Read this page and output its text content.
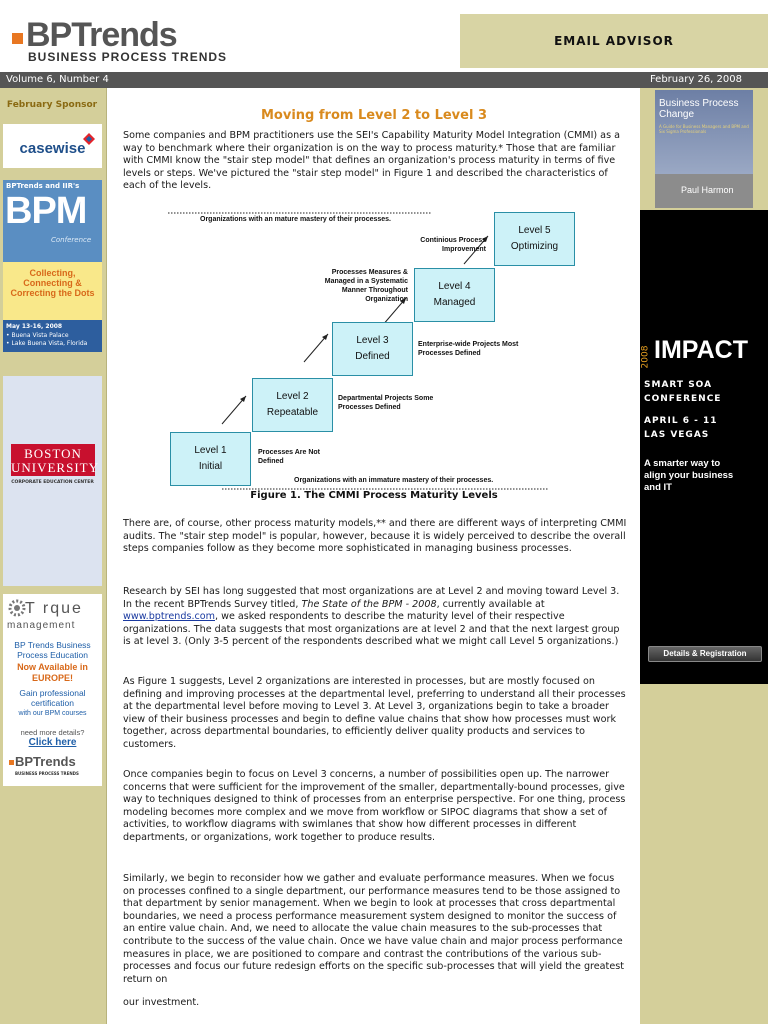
BPTrends
BUSINESS PROCESS TRENDS
EMAIL ADVISOR
Volume 6, Number 4	February 26, 2008
February Sponsor
casewise
BPTrends and IIR's
BPM
Conference
Collecting, Connecting & Correcting the Dots
May 13-16, 2008
• Buena Vista Palace
• Lake Buena Vista, Florida
BOSTON
UNIVERSITY
CORPORATE EDUCATION CENTER
T rque
management
BP Trends Business Process Education
Now Available in EUROPE!
Gain professional certification
with our BPM courses
need more details?
Click here
BPTrends
BUSINESS PROCESS TRENDS
Moving from Level 2 to Level 3
Some companies and BPM practitioners use the SEI's Capability Maturity Model Integration (CMMI) as a way to benchmark where their organization is on the way to process maturity.* Those that are familiar with CMMI know the "stair step model" that defines an organization's process maturity in terms of five levels or steps. We've pictured the "stair step model" in Figure 1 and described the characteristics of each of the levels.
Organizations with an mature mastery of their processes.
Organizations with an immature mastery of their processes.
Level 1
Initial
Level 2
Repeatable
Level 3
Defined
Level 4
Managed
Level 5
Optimizing
Processes Are Not Defined
Departmental Projects Some Processes Defined
Enterprise-wide Projects Most Processes Defined
Processes Measures & Managed in a Systematic Manner Throughout Organization
Continious Process Improvement
Figure 1. The CMMI Process Maturity Levels
There are, of course, other process maturity models,** and there are different ways of interpreting CMMI audits. The "stair step model" is popular, however, because it is widely perceived to describe the overall steps companies follow as they become more sophisticated in managing business processes.
Research by SEI has long suggested that most organizations are at Level 2 and moving toward Level 3. In the recent BPTrends Survey titled, The State of the BPM - 2008, currently available at www.bptrends.com, we asked respondents to describe the maturity level of their respective organizations. The data suggests that most organizations are at level 2 and that the next largest group is at level 3. (Only 3-5 percent of the respondents described what we might call Level 5 organizations.)
As Figure 1 suggests, Level 2 organizations are interested in processes, but are mostly focused on defining and improving processes at the departmental level, preferring to understand all their processes at the departmental level before moving to Level 3. At Level 3, organizations begin to take a broader view of their business processes and begin to define value chains that show how processes must work together, across departmental boundaries, to efficiently deliver quality products and services to customers.
Once companies begin to focus on Level 3 concerns, a number of possibilities open up. The narrower concerns that were sufficient for the improvement of the smaller, departmentally-bound processes, give way to techniques designed to think of processes from an enterprise perspective. For one thing, process modeling becomes more complex and we move from workflow or SIPOC diagrams that show a set of activities, to workflow diagrams with swimlanes that show how different processes in different departments, or organizations, work together to produce results.
Similarly, we begin to reconsider how we gather and evaluate performance measures. When we focus on processes confined to a single department, our performance measures tend to be those assigned to that department by senior management. When we begin to look at processes that cross departmental boundaries, we need a process performance measurement system designed to monitor the success of an entire value chain. And, we need to allocate the value chain measures to the sub-processes that contribute to the success of the value chain. Once we have value chain and major process performance measures in place, we are positioned to compare and contrast the contributions of the various sub-processes and focus our future redesign efforts on the specific sub-processes that will yield the greatest return on
our investment.
Business Process Change
A Guide for Business Managers and BPM and Six Sigma Professionals
Paul Harmon
2008 IMPACT
SMART SOA
CONFERENCE
APRIL 6 - 11
LAS VEGAS
A smarter way to align your business and IT
Details & Registration
